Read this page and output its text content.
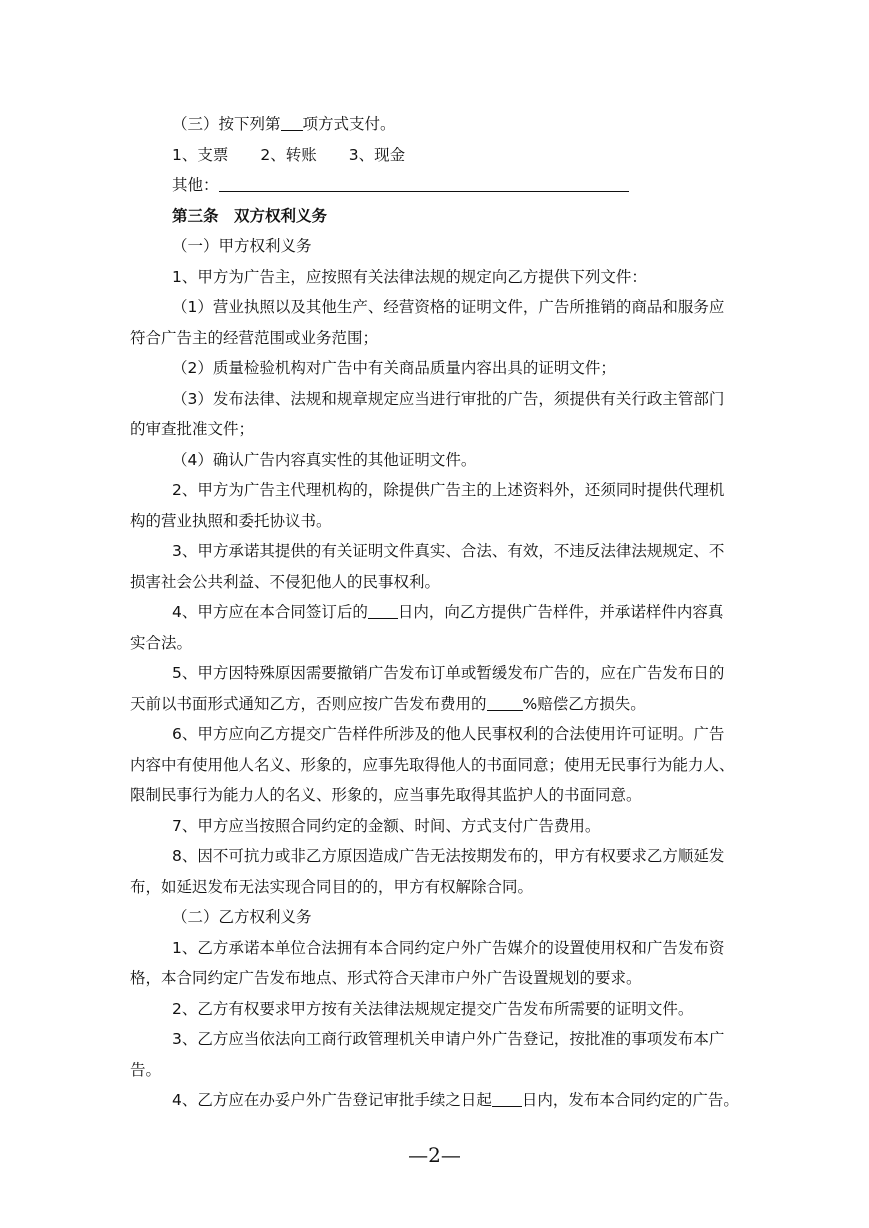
（三）按下列第 项方式支付。

1、支票 2、转账 3、现金

其他：

第三条　双方权利义务

（一）甲方权利义务

1、甲方为广告主，应按照有关法律法规的规定向乙方提供下列文件：

（1）营业执照以及其他生产、经营资格的证明文件，广告所推销的商品和服务应

符合广告主的经营范围或业务范围；

（2）质量检验机构对广告中有关商品质量内容出具的证明文件；

（3）发布法律、法规和规章规定应当进行审批的广告，须提供有关行政主管部门

的审查批准文件；

（4）确认广告内容真实性的其他证明文件。

2、甲方为广告主代理机构的，除提供广告主的上述资料外，还须同时提供代理机

构的营业执照和委托协议书。

3、甲方承诺其提供的有关证明文件真实、合法、有效，不违反法律法规规定、不

损害社会公共利益、不侵犯他人的民事权利。

4、甲方应在本合同签订后的 日内，向乙方提供广告样件，并承诺样件内容真

实合法。

5、甲方因特殊原因需要撤销广告发布订单或暂缓发布广告的，应在广告发布日的

天前以书面形式通知乙方，否则应按广告发布费用的 %赔偿乙方损失。

6、甲方应向乙方提交广告样件所涉及的他人民事权利的合法使用许可证明。广告

内容中有使用他人名义、形象的，应事先取得他人的书面同意；使用无民事行为能力人、

限制民事行为能力人的名义、形象的，应当事先取得其监护人的书面同意。

7、甲方应当按照合同约定的金额、时间、方式支付广告费用。

8、因不可抗力或非乙方原因造成广告无法按期发布的，甲方有权要求乙方顺延发

布，如延迟发布无法实现合同目的的，甲方有权解除合同。

（二）乙方权利义务

1、乙方承诺本单位合法拥有本合同约定户外广告媒介的设置使用权和广告发布资

格，本合同约定广告发布地点、形式符合天津市户外广告设置规划的要求。

2、乙方有权要求甲方按有关法律法规规定提交广告发布所需要的证明文件。

3、乙方应当依法向工商行政管理机关申请户外广告登记，按批准的事项发布本广

告。

4、乙方应在办妥户外广告登记审批手续之日起 日内，发布本合同约定的广告。

—2—
